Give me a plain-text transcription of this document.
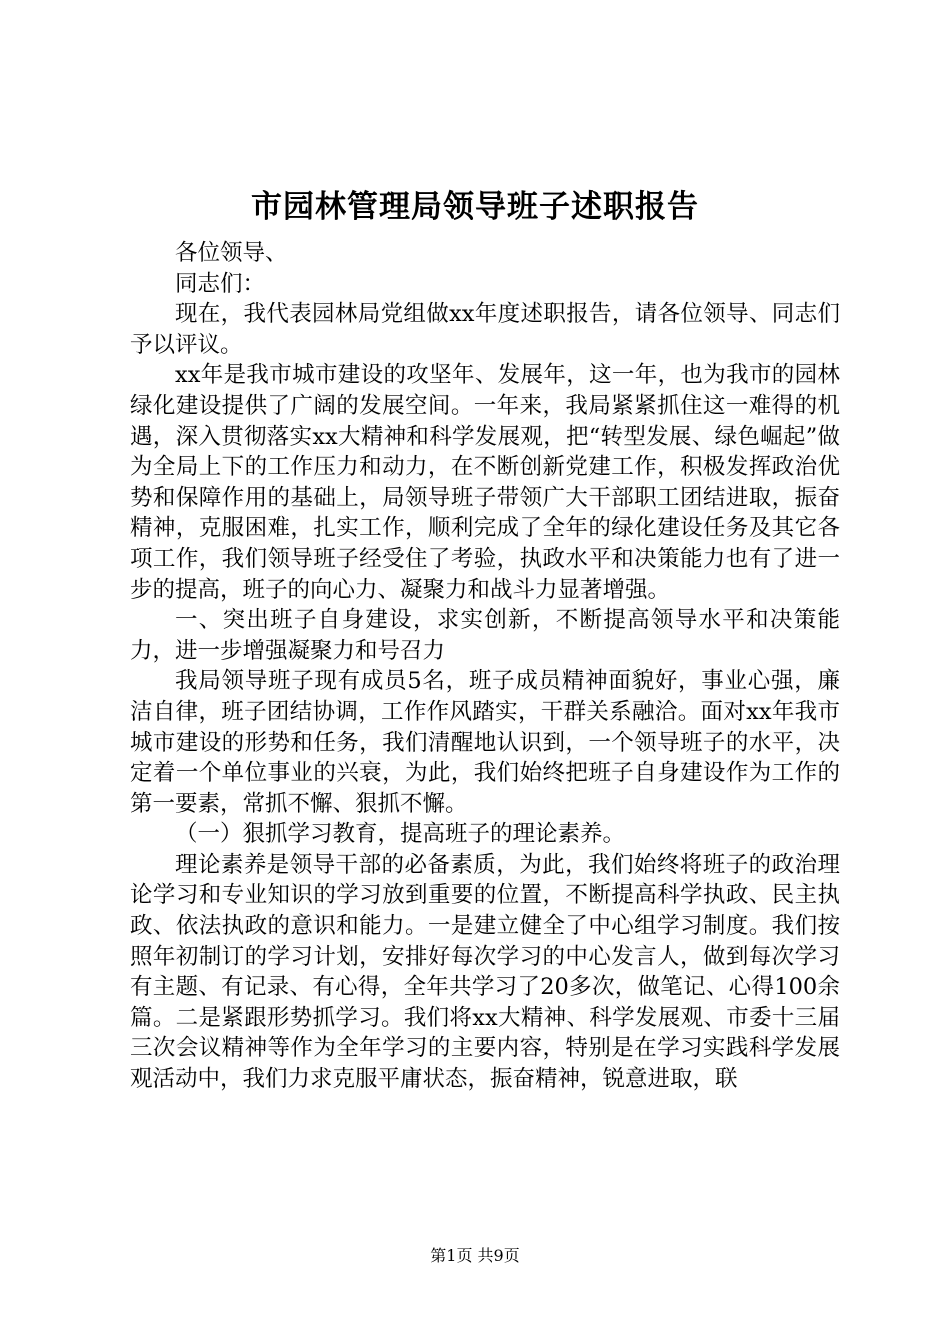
市园林管理局领导班子述职报告

各位领导、

同志们：

现在，我代表园林局党组做xx年度述职报告，请各位领导、同志们予以评议。

xx年是我市城市建设的攻坚年、发展年，这一年，也为我市的园林绿化建设提供了广阔的发展空间。一年来，我局紧紧抓住这一难得的机遇，深入贯彻落实xx大精神和科学发展观，把“转型发展、绿色崛起”做为全局上下的工作压力和动力，在不断创新党建工作，积极发挥政治优势和保障作用的基础上，局领导班子带领广大干部职工团结进取，振奋精神，克服困难，扎实工作，顺利完成了全年的绿化建设任务及其它各项工作，我们领导班子经受住了考验，执政水平和决策能力也有了进一步的提高，班子的向心力、凝聚力和战斗力显著增强。

一、突出班子自身建设，求实创新，不断提高领导水平和决策能力，进一步增强凝聚力和号召力

我局领导班子现有成员5名，班子成员精神面貌好，事业心强，廉洁自律，班子团结协调，工作作风踏实，干群关系融洽。面对xx年我市城市建设的形势和任务，我们清醒地认识到，一个领导班子的水平，决定着一个单位事业的兴衰，为此，我们始终把班子自身建设作为工作的第一要素，常抓不懈、狠抓不懈。

（一）狠抓学习教育，提高班子的理论素养。

理论素养是领导干部的必备素质，为此，我们始终将班子的政治理论学习和专业知识的学习放到重要的位置，不断提高科学执政、民主执政、依法执政的意识和能力。一是建立健全了中心组学习制度。我们按照年初制订的学习计划，安排好每次学习的中心发言人，做到每次学习有主题、有记录、有心得，全年共学习了20多次，做笔记、心得100余篇。二是紧跟形势抓学习。我们将xx大精神、科学发展观、市委十三届三次会议精神等作为全年学习的主要内容，特别是在学习实践科学发展观活动中，我们力求克服平庸状态，振奋精神，锐意进取，联

第1页 共9页
